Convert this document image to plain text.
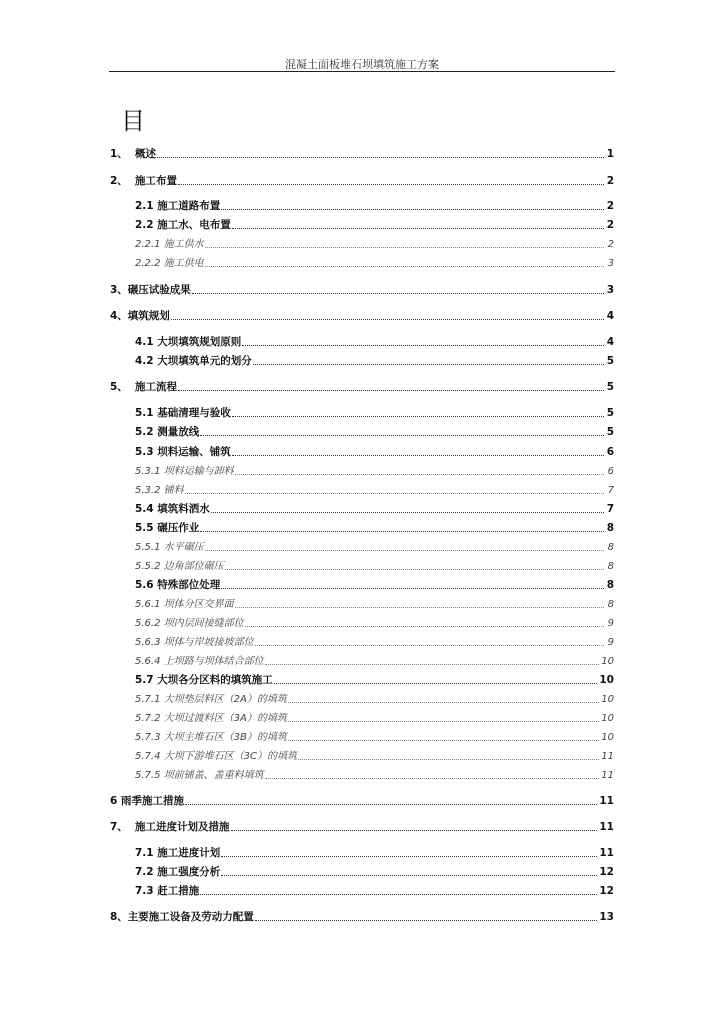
混凝土面板堆石坝填筑施工方案
目
1、 概述	1
2、 施工布置	2
2.1 施工道路布置	2
2.2 施工水、电布置	2
2.2.1 施工供水	2
2.2.2 施工供电	3
3、碾压试验成果	3
4、填筑规划	4
4.1 大坝填筑规划原则	4
4.2 大坝填筑单元的划分	5
5、 施工流程	5
5.1 基础清理与验收	5
5.2 测量放线	5
5.3 坝料运输、铺筑	6
5.3.1 坝料运输与卸料	6
5.3.2 铺料	7
5.4 填筑料洒水	7
5.5 碾压作业	8
5.5.1 水平碾压	8
5.5.2 边角部位碾压	8
5.6 特殊部位处理	8
5.6.1 坝体分区交界面	8
5.6.2 坝内层间接缝部位	9
5.6.3 坝体与岸坡接坡部位	9
5.6.4 上坝路与坝体结合部位	10
5.7 大坝各分区料的填筑施工	10
5.7.1 大坝垫层料区（2A）的填筑	10
5.7.2 大坝过渡料区（3A）的填筑	10
5.7.3 大坝主堆石区（3B）的填筑	10
5.7.4 大坝下游堆石区（3C）的填筑	11
5.7.5 坝前铺盖、盖重料填筑	11
6 雨季施工措施	11
7、 施工进度计划及措施	11
7.1 施工进度计划	11
7.2 施工强度分析	12
7.3 赶工措施	12
8、主要施工设备及劳动力配置	13
